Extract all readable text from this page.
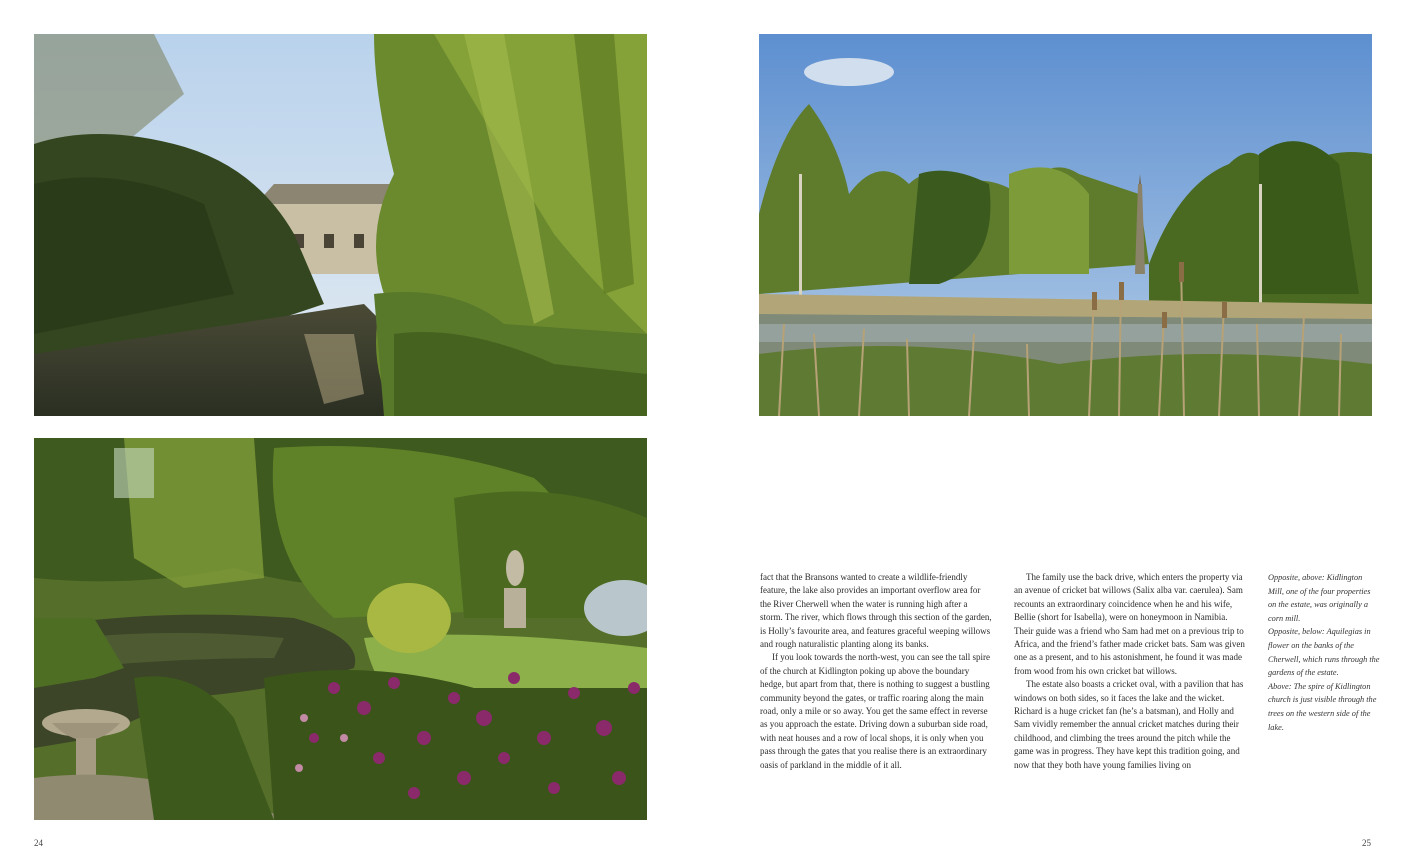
fact that the Bransons wanted to create a wildlife-friendly feature, the lake also provides an important overflow area for the River Cherwell when the water is running high after a storm. The river, which flows through this section of the garden, is Holly’s favourite area, and features graceful weeping willows and rough naturalistic planting along its banks.

If you look towards the north-west, you can see the tall spire of the church at Kidlington poking up above the boundary hedge, but apart from that, there is nothing to suggest a bustling community beyond the gates, or traffic roaring along the main road, only a mile or so away. You get the same effect in reverse as you approach the estate. Driving down a suburban side road, with neat houses and a row of local shops, it is only when you pass through the gates that you realise there is an extraordinary oasis of parkland in the middle of it all.

The family use the back drive, which enters the property via an avenue of cricket bat willows (Salix alba var. caerulea). Sam recounts an extraordinary coincidence when he and his wife, Bellie (short for Isabella), were on honeymoon in Namibia. Their guide was a friend who Sam had met on a previous trip to Africa, and the friend’s father made cricket bats. Sam was given one as a present, and to his astonishment, he found it was made from wood from his own cricket bat willows.

The estate also boasts a cricket oval, with a pavilion that has windows on both sides, so it faces the lake and the wicket. Richard is a huge cricket fan (he’s a batsman), and Holly and Sam vividly remember the annual cricket matches during their childhood, and climbing the trees around the pitch while the game was in progress. They have kept this tradition going, and now that they both have young families living on

Opposite, above: Kidlington Mill, one of the four properties on the estate, was originally a corn mill.

Opposite, below: Aquilegias in flower on the banks of the Cherwell, which runs through the gardens of the estate.

Above: The spire of Kidlington church is just visible through the trees on the western side of the lake.

24	25
